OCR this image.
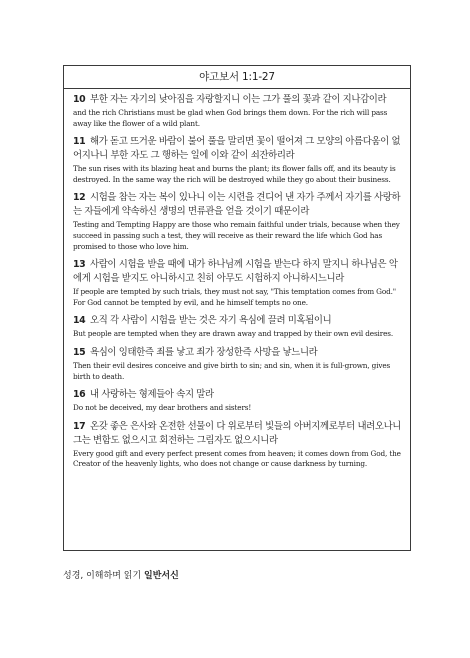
야고보서 1:1-27

10 부한 자는 자기의 낮아짐을 자랑할지니 이는 그가 풀의 꽃과 같이 지나감이라

and the rich Christians must be glad when God brings them down. For the rich will pass away like the flower of a wild plant.

11 해가 돋고 뜨거운 바람이 불어 풀을 말리면 꽃이 떨어져 그 모양의 아름다움이 없어지나니 부한 자도 그 행하는 일에 이와 같이 쇠잔하리라

The sun rises with its blazing heat and burns the plant; its flower falls off, and its beauty is destroyed. In the same way the rich will be destroyed while they go about their business.

12 시험을 참는 자는 복이 있나니 이는 시련을 견디어 낸 자가 주께서 자기를 사랑하는 자들에게 약속하신 생명의 면류관을 얻을 것이기 때문이라

Testing and Tempting Happy are those who remain faithful under trials, because when they succeed in passing such a test, they will receive as their reward the life which God has promised to those who love him.

13 사람이 시험을 받을 때에 내가 하나님께 시험을 받는다 하지 말지니 하나님은 악에게 시험을 받지도 아니하시고 친히 아무도 시험하지 아니하시느니라

If people are tempted by such trials, they must not say, "This temptation comes from God." For God cannot be tempted by evil, and he himself tempts no one.

14 오직 각 사람이 시험을 받는 것은 자기 욕심에 끌려 미혹됨이니

But people are tempted when they are drawn away and trapped by their own evil desires.

15 욕심이 잉태한즉 죄를 낳고 죄가 장성한즉 사망을 낳느니라

Then their evil desires conceive and give birth to sin; and sin, when it is full-grown, gives birth to death.

16 내 사랑하는 형제들아 속지 말라

Do not be deceived, my dear brothers and sisters!

17 온갖 좋은 은사와 온전한 선물이 다 위로부터 빛들의 아버지께로부터 내려오나니 그는 변함도 없으시고 회전하는 그림자도 없으시니라

Every good gift and every perfect present comes from heaven; it comes down from God, the Creator of the heavenly lights, who does not change or cause darkness by turning.

성경, 이해하며 읽기 일반서신
